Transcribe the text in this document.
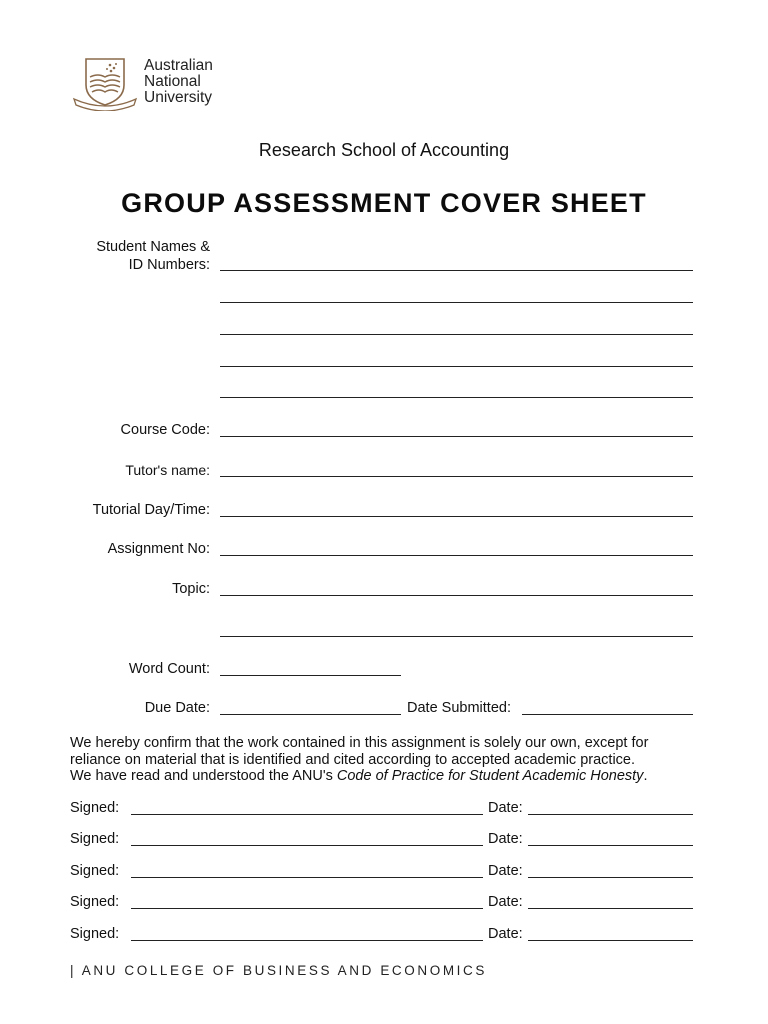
Australian
National
University
Research School of Accounting
GROUP ASSESSMENT COVER SHEET
Student Names &
ID Numbers:
Course Code:
Tutor's name:
Tutorial Day/Time:
Assignment No:
Topic:
Word Count:
Due Date:	Date Submitted:
We hereby confirm that the work contained in this assignment is solely our own, except for
reliance on material that is identified and cited according to accepted academic practice.
We have read and understood the ANU's Code of Practice for Student Academic Honesty.
Signed:	Date:
Signed:	Date:
Signed:	Date:
Signed:	Date:
Signed:	Date:
| ANU COLLEGE OF BUSINESS AND ECONOMICS
